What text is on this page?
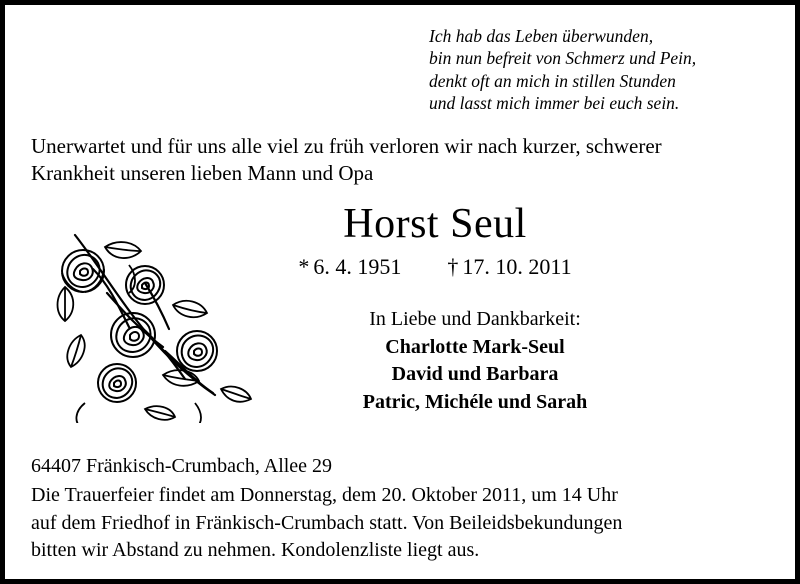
Ich hab das Leben überwunden,
bin nun befreit von Schmerz und Pein,
denkt oft an mich in stillen Stunden
und lasst mich immer bei euch sein.
Unerwartet und für uns alle viel zu früh verloren wir nach kurzer, schwerer
Krankheit unseren lieben Mann und Opa
Horst Seul
* 6. 4. 1951 † 17. 10. 2011
In Liebe und Dankbarkeit:
Charlotte Mark-Seul
David und Barbara
Patric, Michéle und Sarah
64407 Fränkisch-Crumbach, Allee 29
Die Trauerfeier findet am Donnerstag, dem 20. Oktober 2011, um 14 Uhr
auf dem Friedhof in Fränkisch-Crumbach statt. Von Beileidsbekundungen
bitten wir Abstand zu nehmen. Kondolenzliste liegt aus.
